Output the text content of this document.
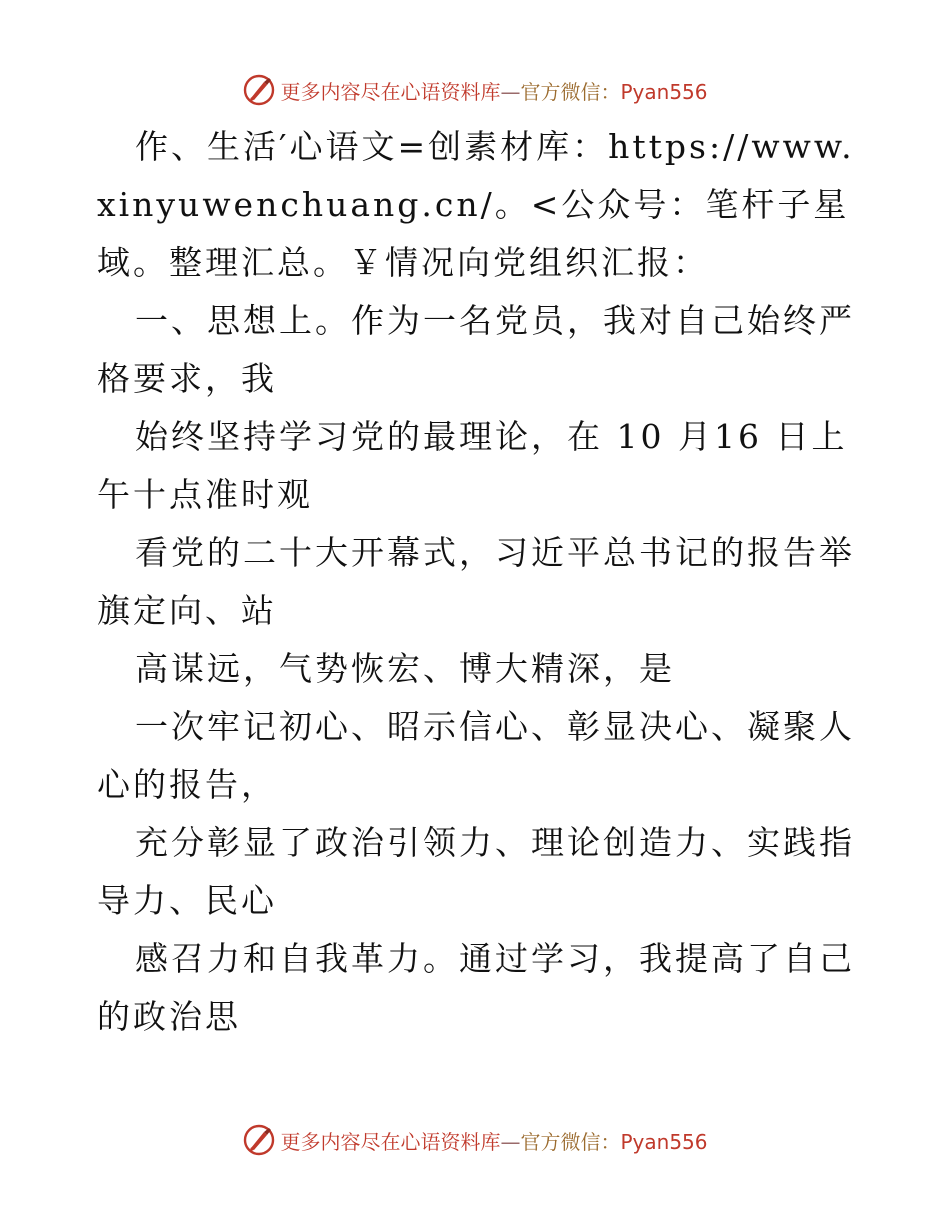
更多内容尽在心语资料库—官方微信：Pyan556

作、生活′心语文=创素材库：https://www.xinyuwenchuang.cn/。<公众号：笔杆子星域。整理汇总。￥情况向党组织汇报：

一、思想上。作为一名党员，我对自己始终严格要求，我

始终坚持学习党的最理论，在 10 月16 日上午十点准时观

看党的二十大开幕式，习近平总书记的报告举旗定向、站

高谋远，气势恢宏、博大精深，是

一次牢记初心、昭示信心、彰显决心、凝聚人心的报告，

充分彰显了政治引领力、理论创造力、实践指导力、民心

感召力和自我革力。通过学习，我提高了自己的政治思

更多内容尽在心语资料库—官方微信：Pyan556
